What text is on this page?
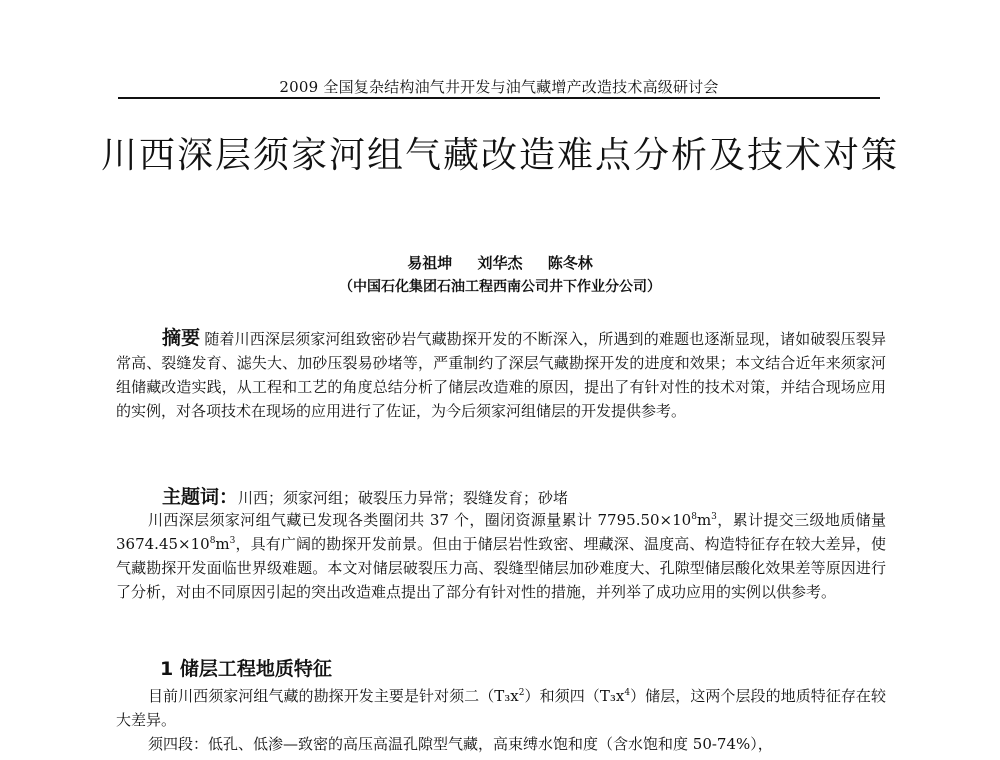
2009 全国复杂结构油气井开发与油气藏增产改造技术高级研讨会
川西深层须家河组气藏改造难点分析及技术对策
易祖坤 刘华杰 陈冬林
（中国石化集团石油工程西南公司井下作业分公司）

摘要 随着川西深层须家河组致密砂岩气藏勘探开发的不断深入，所遇到的难题也逐渐显现，诸如破裂压裂异常高、裂缝发育、滤失大、加砂压裂易砂堵等，严重制约了深层气藏勘探开发的进度和效果；本文结合近年来须家河组储藏改造实践，从工程和工艺的角度总结分析了储层改造难的原因，提出了有针对性的技术对策，并结合现场应用的实例，对各项技术在现场的应用进行了佐证，为今后须家河组储层的开发提供参考。

主题词：川西；须家河组；破裂压力异常；裂缝发育；砂堵

川西深层须家河组气藏已发现各类圈闭共 37 个，圈闭资源量累计 $7795.50\times 10^8m^3$，累计提交三级地质储量 $3674.45\times 10^8m^3$，具有广阔的勘探开发前景。但由于储层岩性致密、埋藏深、温度高、构造特征存在较大差异，使气藏勘探开发面临世界级难题。本文对储层破裂压力高、裂缝型储层加砂难度大、孔隙型储层酸化效果差等原因进行了分析，对由不同原因引起的突出改造难点提出了部分有针对性的措施，并列举了成功应用的实例以供参考。

1 储层工程地质特征

目前川西须家河组气藏的勘探开发主要是针对须二$(T_3x^2)$和须四$(T_3x^4)$储层，这两个层段的地质特征存在较大差异。

须四段：低孔、低渗—致密的高压高温孔隙型气藏，高束缚水饱和度（含水饱和度 50-74%），
